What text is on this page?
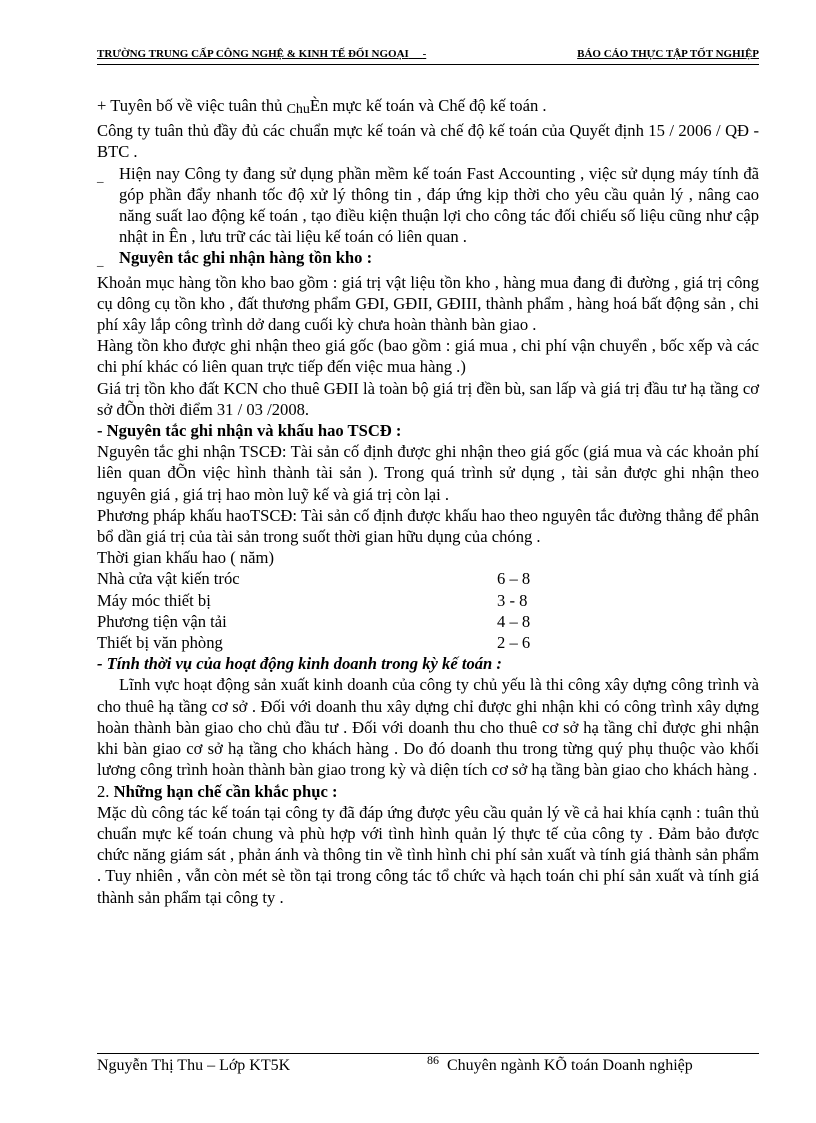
TRƯỜNG TRUNG CẤP CÔNG NGHỆ & KINH TẾ ĐỐI NGOẠI -	BÁO CÁO THỰC TẬP TỐT NGHIỆP

+ Tuyên bố về việc tuân thủ ChuÈn mực kế toán và Chế độ kế toán .

Công ty tuân thủ đầy đủ các chuẩn mực kế toán và chế độ kế toán của Quyết định 15 / 2006 / QĐ - BTC .

_ Hiện nay Công ty đang sử dụng phần mềm kế toán Fast Accounting , việc sử dụng máy tính đã góp phần đẩy nhanh tốc độ xử lý thông tin , đáp ứng kịp thời cho yêu cầu quản lý , nâng cao năng suất lao động kế toán , tạo điều kiện thuận lợi cho công tác đối chiếu số liệu cũng như cập nhật in Ên , lưu trữ các tài liệu kế toán có liên quan .
_ Nguyên tắc ghi nhận hàng tồn kho :

Khoản mục hàng tồn kho bao gồm : giá trị vật liệu tồn kho , hàng mua đang đi đường , giá trị công cụ dông cụ tồn kho , đất thương phẩm GĐI, GĐII, GĐIII, thành phẩm , hàng hoá bất động sản , chi phí xây lắp công trình dở dang cuối kỳ chưa hoàn thành bàn giao .

Hàng tồn kho được ghi nhận theo giá gốc (bao gồm : giá mua , chi phí vận chuyển , bốc xếp và các chi phí khác có liên quan trực tiếp đến việc mua hàng .)

Giá trị tồn kho đất KCN cho thuê GĐII là toàn bộ giá trị đền bù, san lấp và giá trị đầu tư hạ tầng cơ sở đÕn thời điểm 31 / 03 /2008.

- Nguyên tắc ghi nhận và khấu hao TSCĐ :

Nguyên tắc ghi nhận TSCĐ: Tài sản cố định được ghi nhận theo giá gốc (giá mua và các khoản phí liên quan đÕn việc hình thành tài sản ). Trong quá trình sử dụng , tài sản được ghi nhận theo nguyên giá , giá trị hao mòn luỹ kế và giá trị còn lại .

Phương pháp khấu haoTSCĐ: Tài sản cố định được khấu hao theo nguyên tắc đường thẳng để phân bổ dần giá trị của tài sản trong suốt thời gian hữu dụng của chóng .

Thời gian khấu hao ( năm)

Nhà cửa vật kiến tróc	6 – 8
Máy móc thiết bị	3 - 8
Phương tiện vận tải	4 – 8
Thiết bị văn phòng	2 – 6

- Tính thời vụ của hoạt động kinh doanh trong kỳ kế toán :

Lĩnh vực hoạt động sản xuất kinh doanh của công ty chủ yếu là thi công xây dựng công trình và cho thuê hạ tầng cơ sở . Đối với doanh thu xây dựng chỉ được ghi nhận khi có công trình xây dựng hoàn thành bàn giao cho chủ đầu tư . Đối với doanh thu cho thuê cơ sở hạ tầng chỉ được ghi nhận khi bàn giao cơ sở hạ tầng cho khách hàng . Do đó doanh thu trong từng quý phụ thuộc vào khối lương công trình hoàn thành bàn giao trong kỳ và diện tích cơ sở hạ tầng bàn giao cho khách hàng .

2. Những hạn chế cần khắc phục :

Mặc dù công tác kế toán tại công ty đã đáp ứng được yêu cầu quản lý về cả hai khía cạnh : tuân thủ chuẩn mực kế toán chung và phù hợp với tình hình quản lý thực tế của công ty . Đảm bảo được chức năng giám sát , phản ánh và thông tin về tình hình chi phí sản xuất và tính giá thành sản phẩm . Tuy nhiên , vẫn còn mét sè tồn tại trong công tác tổ chức và hạch toán chi phí sản xuất và tính giá thành sản phẩm tại công ty .

Nguyễn Thị Thu – Lớp KT5K	86 Chuyên ngành KÕ toán Doanh nghiệp
